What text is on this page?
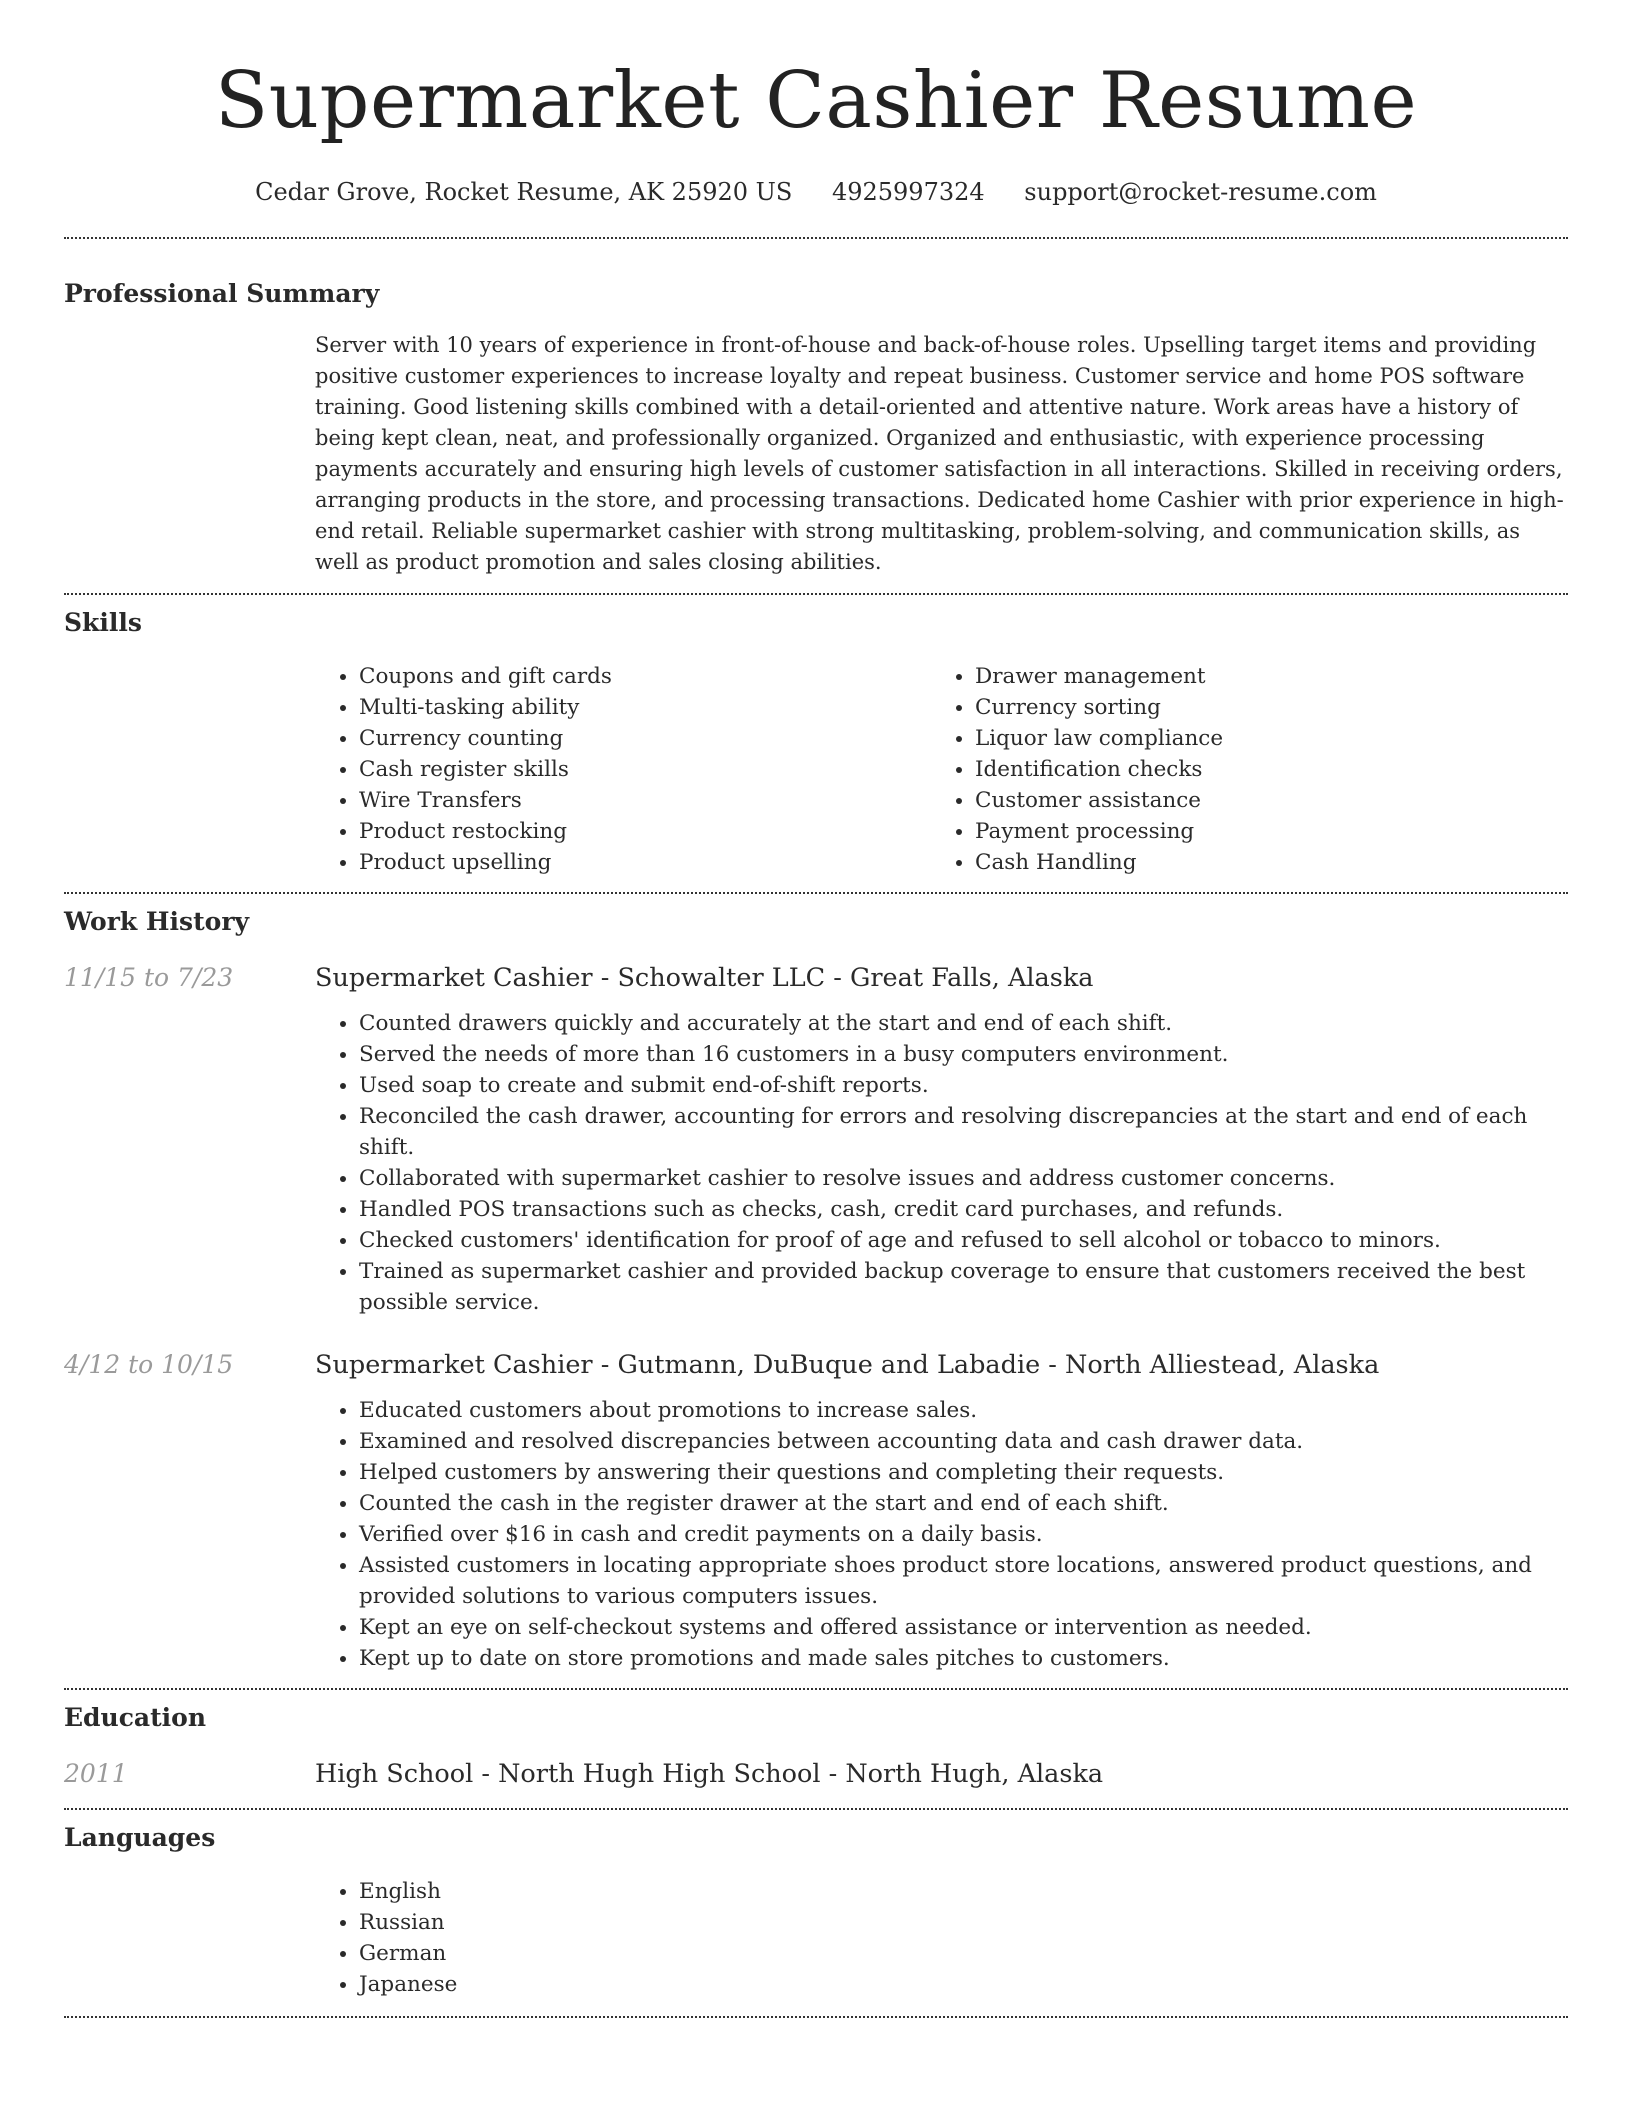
Supermarket Cashier Resume
Cedar Grove, Rocket Resume, AK 25920 US 4925997324 support@rocket-resume.com
Professional Summary

Server with 10 years of experience in front-of-house and back-of-house roles. Upselling target items and providing positive customer experiences to increase loyalty and repeat business. Customer service and home POS software training. Good listening skills combined with a detail-oriented and attentive nature. Work areas have a history of being kept clean, neat, and professionally organized. Organized and enthusiastic, with experience processing payments accurately and ensuring high levels of customer satisfaction in all interactions. Skilled in receiving orders, arranging products in the store, and processing transactions. Dedicated home Cashier with prior experience in high-end retail. Reliable supermarket cashier with strong multitasking, problem-solving, and communication skills, as well as product promotion and sales closing abilities.

Skills
• Coupons and gift cards
• Multi-tasking ability
• Currency counting
• Cash register skills
• Wire Transfers
• Product restocking
• Product upselling
• Drawer management
• Currency sorting
• Liquor law compliance
• Identification checks
• Customer assistance
• Payment processing
• Cash Handling
Work History
11/15 to 7/23	Supermarket Cashier - Schowalter LLC - Great Falls, Alaska
• Counted drawers quickly and accurately at the start and end of each shift.
• Served the needs of more than 16 customers in a busy computers environment.
• Used soap to create and submit end-of-shift reports.
• Reconciled the cash drawer, accounting for errors and resolving discrepancies at the start and end of each shift.
• Collaborated with supermarket cashier to resolve issues and address customer concerns.
• Handled POS transactions such as checks, cash, credit card purchases, and refunds.
• Checked customers' identification for proof of age and refused to sell alcohol or tobacco to minors.
• Trained as supermarket cashier and provided backup coverage to ensure that customers received the best possible service.
4/12 to 10/15	Supermarket Cashier - Gutmann, DuBuque and Labadie - North Alliestead, Alaska
• Educated customers about promotions to increase sales.
• Examined and resolved discrepancies between accounting data and cash drawer data.
• Helped customers by answering their questions and completing their requests.
• Counted the cash in the register drawer at the start and end of each shift.
• Verified over $16 in cash and credit payments on a daily basis.
• Assisted customers in locating appropriate shoes product store locations, answered product questions, and provided solutions to various computers issues.
• Kept an eye on self-checkout systems and offered assistance or intervention as needed.
• Kept up to date on store promotions and made sales pitches to customers.
Education
2011	High School - North Hugh High School - North Hugh, Alaska
Languages
• English
• Russian
• German
• Japanese
